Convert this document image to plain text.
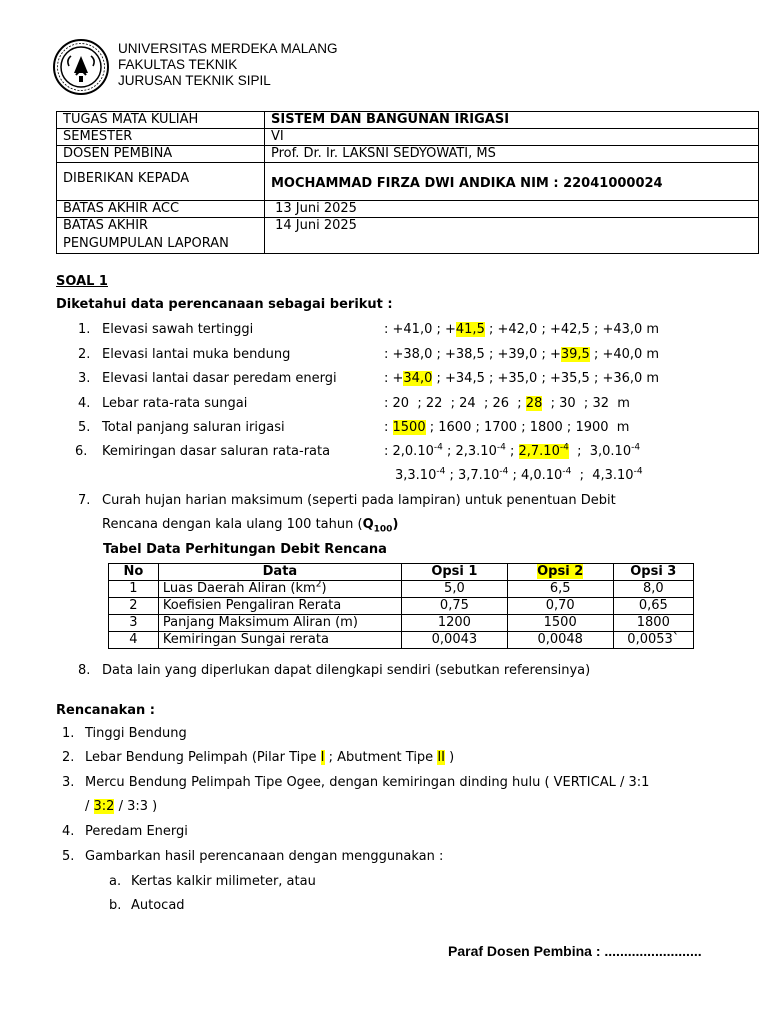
UNIVERSITAS MERDEKA MALANG
FAKULTAS TEKNIK
JURUSAN TEKNIK SIPIL
TUGAS MATA KULIAH	SISTEM DAN BANGUNAN IRIGASI
SEMESTER	VI
DOSEN PEMBINA	Prof. Dr. Ir. LAKSNI SEDYOWATI, MS
DIBERIKAN KEPADA	MOCHAMMAD FIRZA DWI ANDIKA NIM : 22041000024
BATAS AKHIR ACC	13 Juni 2025

BATAS AKHIR
PENGUMPULAN LAPORAN	14 Juni 2025
SOAL 1
Diketahui data perencanaan sebagai berikut :
1. Elevasi sawah tertinggi	: +41,0 ; +41,5 ; +42,0 ; +42,5 ; +43,0 m
2. Elevasi lantai muka bendung	: +38,0 ; +38,5 ; +39,0 ; +39,5 ; +40,0 m
3. Elevasi lantai dasar peredam energi	: +34,0 ; +34,5 ; +35,0 ; +35,5 ; +36,0 m
4. Lebar rata-rata sungai	: 20  ; 22  ; 24  ; 26  ; 28  ; 30  ; 32  m
5. Total panjang saluran irigasi	: 1500 ; 1600 ; 1700 ; 1800 ; 1900  m
6. Kemiringan dasar saluran rata-rata	: $2,0.10^{-4}$ ; $2,3.10^{-4}$ ; $2,7.10^{-4}$  ;  $3,0.10^{-4}$
$3,3.10^{-4}$ ; $3,7.10^{-4}$ ; $4,0.10^{-4}$  ;  $4,3.10^{-4}$
7. Curah hujan harian maksimum (seperti pada lampiran) untuk penentuan Debit
Rencana dengan kala ulang 100 tahun $(Q_{100})$
Tabel Data Perhitungan Debit Rencana
No	Data	Opsi 1	Opsi 2	Opsi 3
1	Luas Daerah Aliran $(km^2)$	5,0	6,5	8,0
2	Koefisien Pengaliran Rerata	0,75	0,70	0,65
3	Panjang Maksimum Aliran (m)	1200	1500	1800
4	Kemiringan Sungai rerata	0,0043	0,0048	0,0053`
8. Data lain yang diperlukan dapat dilengkapi sendiri (sebutkan referensinya)
Rencanakan :
1. Tinggi Bendung
2. Lebar Bendung Pelimpah (Pilar Tipe I ; Abutment Tipe II )
3. Mercu Bendung Pelimpah Tipe Ogee, dengan kemiringan dinding hulu ( VERTICAL / 3:1
/ 3:2 / 3:3 )
4. Peredam Energi
5. Gambarkan hasil perencanaan dengan menggunakan :
a. Kertas kalkir milimeter, atau
b. Autocad
Paraf Dosen Pembina : .........................
